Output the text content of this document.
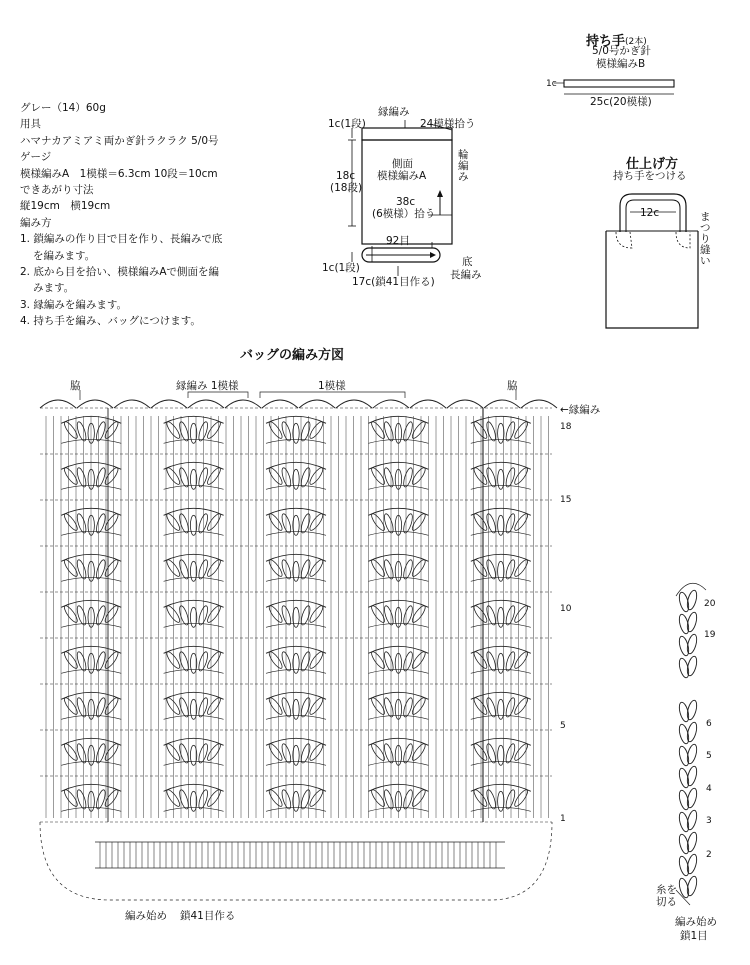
グレー（14）60g
用具
ハマナカアミアミ両かぎ針ラクラク 5/0号
ゲージ
模様編みA　1模様＝6.3cm 10段＝10cm
できあがり寸法
縦19cm　横19cm
編み方
1. 鎖編みの作り目で目を作り、長編みで底
を編みます。
2. 底から目を拾い、模様編みAで側面を編
みます。
3. 縁編みを編みます。
4. 持ち手を編み、バッグにつけます。
縁編み
1c(1段)	24模様拾う
側面
模様編みA
輪編み
18c
(18段)
38c
(6模様）拾う
92目
1c(1段)	底
長編み
17c(鎖41目作る)
持ち手 (2本)
5/0号かぎ針
模様編みB
1c
25c(20模様)
仕上げ方
持ち手をつける
12c	まつり縫い
バッグの編み方図
脇	縁編み 1模様	1模様	脇
←縁編み
18
15
10
5
1
編み始め 鎖41目作る
20
19
6
5
4
3
2
糸を切る
編み始め
鎖1目
